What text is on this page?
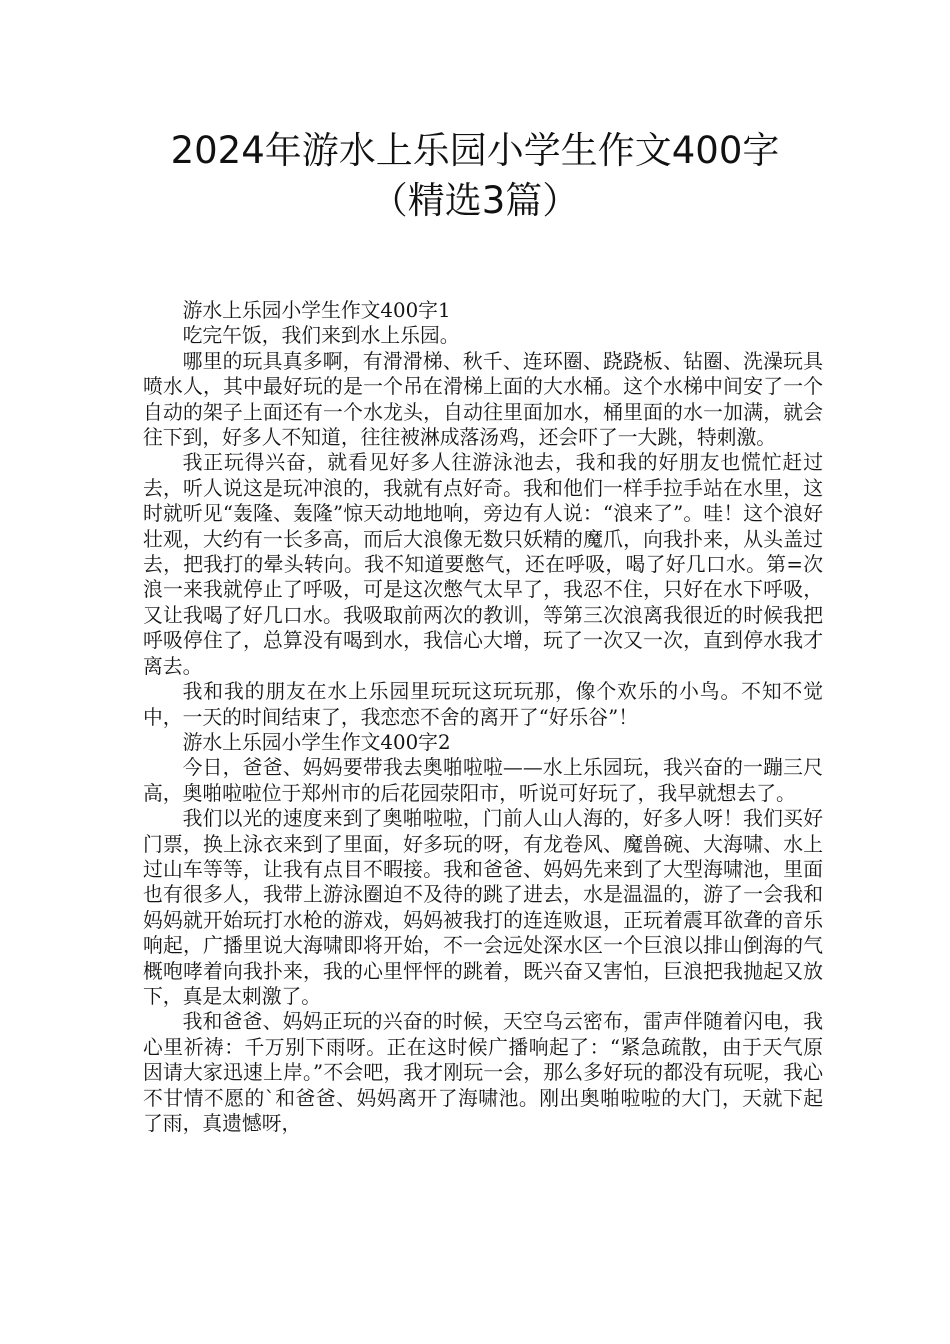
2024年游水上乐园小学生作文400字
（精选3篇）

游水上乐园小学生作文400字1

吃完午饭，我们来到水上乐园。

哪里的玩具真多啊，有滑滑梯、秋千、连环圈、跷跷板、钻圈、洗澡玩具喷水人，其中最好玩的是一个吊在滑梯上面的大水桶。这个水梯中间安了一个自动的架子上面还有一个水龙头，自动往里面加水，桶里面的水一加满，就会往下到，好多人不知道，往往被淋成落汤鸡，还会吓了一大跳，特刺激。

我正玩得兴奋，就看见好多人往游泳池去，我和我的好朋友也慌忙赶过去，听人说这是玩冲浪的，我就有点好奇。我和他们一样手拉手站在水里，这时就听见“轰隆、轰隆”惊天动地地响，旁边有人说：“浪来了”。哇！这个浪好壮观，大约有一长多高，而后大浪像无数只妖精的魔爪，向我扑来，从头盖过去，把我打的晕头转向。我不知道要憋气，还在呼吸，喝了好几口水。第=次浪一来我就停止了呼吸，可是这次憋气太早了，我忍不住，只好在水下呼吸，又让我喝了好几口水。我吸取前两次的教训，等第三次浪离我很近的时候我把呼吸停住了，总算没有喝到水，我信心大增，玩了一次又一次，直到停水我才离去。

我和我的朋友在水上乐园里玩玩这玩玩那，像个欢乐的小鸟。不知不觉中，一天的时间结束了，我恋恋不舍的离开了“好乐谷”！

游水上乐园小学生作文400字2

今日，爸爸、妈妈要带我去奥啪啦啦——水上乐园玩，我兴奋的一蹦三尺高，奥啪啦啦位于郑州市的后花园荥阳市，听说可好玩了，我早就想去了。

我们以光的速度来到了奥啪啦啦，门前人山人海的，好多人呀！我们买好门票，换上泳衣来到了里面，好多玩的呀，有龙卷风、魔兽碗、大海啸、水上过山车等等，让我有点目不暇接。我和爸爸、妈妈先来到了大型海啸池，里面也有很多人，我带上游泳圈迫不及待的跳了进去，水是温温的，游了一会我和妈妈就开始玩打水枪的游戏，妈妈被我打的连连败退，正玩着震耳欲聋的音乐响起，广播里说大海啸即将开始，不一会远处深水区一个巨浪以排山倒海的气概咆哮着向我扑来，我的心里怦怦的跳着，既兴奋又害怕，巨浪把我抛起又放下，真是太刺激了。

我和爸爸、妈妈正玩的兴奋的时候，天空乌云密布，雷声伴随着闪电，我心里祈祷：千万别下雨呀。正在这时候广播响起了：“紧急疏散，由于天气原因请大家迅速上岸。”不会吧，我才刚玩一会，那么多好玩的都没有玩呢，我心不甘情不愿的`和爸爸、妈妈离开了海啸池。刚出奥啪啦啦的大门，天就下起了雨，真遗憾呀，
